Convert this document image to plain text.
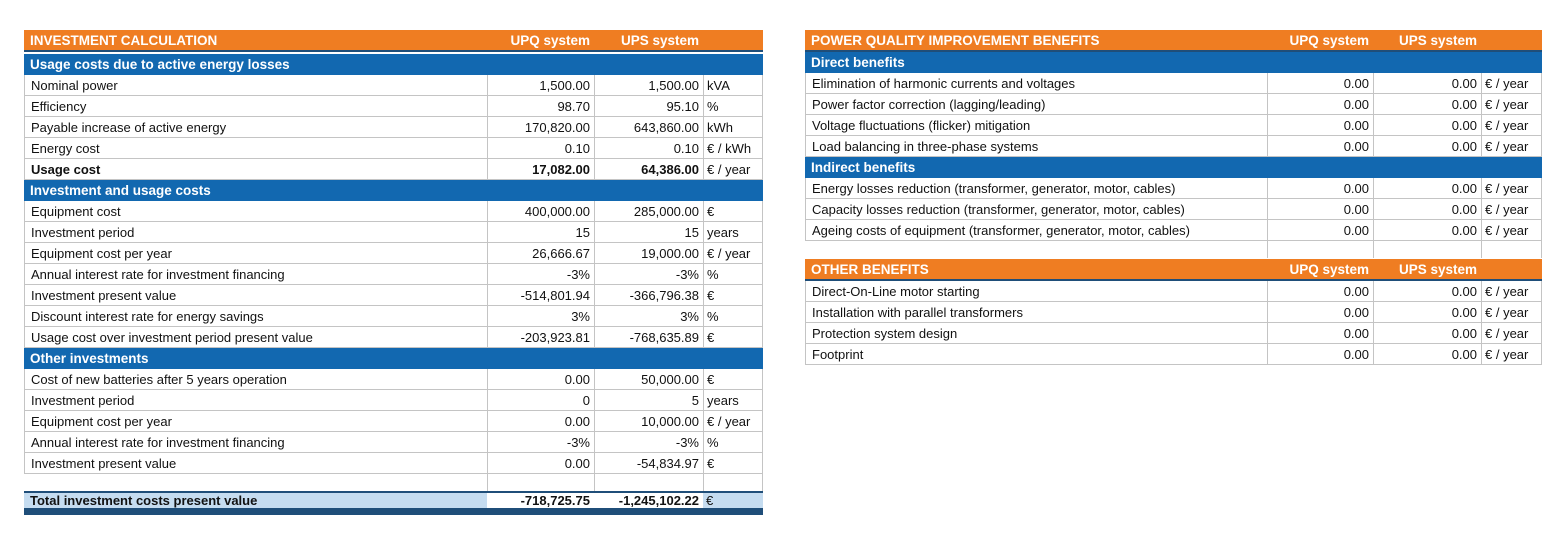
INVESTMENT CALCULATION	UPQ system	UPS system
Usage costs due to active energy losses
Nominal power	1,500.00	1,500.00 kVA
Efficiency	98.70	95.10 %
Payable increase of active energy	170,820.00	643,860.00 kWh
Energy cost	0.10	0.10 € / kWh
Usage cost	17,082.00	64,386.00 € / year
Investment and usage costs
Equipment cost	400,000.00	285,000.00 €
Investment period	15	15 years
Equipment cost per year	26,666.67	19,000.00 € / year
Annual interest rate for investment financing	-3%	-3% %
Investment present value	-514,801.94	-366,796.38 €
Discount interest rate for energy savings	3%	3% %
Usage cost over investment period present value	-203,923.81	-768,635.89 €
Other investments
Cost of new batteries after 5 years operation	0.00	50,000.00 €
Investment period	0	5 years
Equipment cost per year	0.00	10,000.00 € / year
Annual interest rate for investment financing	-3%	-3% %
Investment present value	0.00	-54,834.97 €
Total investment costs present value	-718,725.75	-1,245,102.22 €
POWER QUALITY IMPROVEMENT BENEFITS	UPQ system	UPS system
Direct benefits
Elimination of harmonic currents and voltages	0.00	0.00 € / year
Power factor correction (lagging/leading)	0.00	0.00 € / year
Voltage fluctuations (flicker) mitigation	0.00	0.00 € / year
Load balancing in three-phase systems	0.00	0.00 € / year
Indirect benefits
Energy losses reduction (transformer, generator, motor, cables)	0.00	0.00 € / year
Capacity losses reduction (transformer, generator, motor, cables)	0.00	0.00 € / year
Ageing costs of equipment (transformer, generator, motor, cables)	0.00	0.00 € / year
OTHER BENEFITS	UPQ system	UPS system
Direct-On-Line motor starting	0.00	0.00 € / year
Installation with parallel transformers	0.00	0.00 € / year
Protection system design	0.00	0.00 € / year
Footprint	0.00	0.00 € / year
